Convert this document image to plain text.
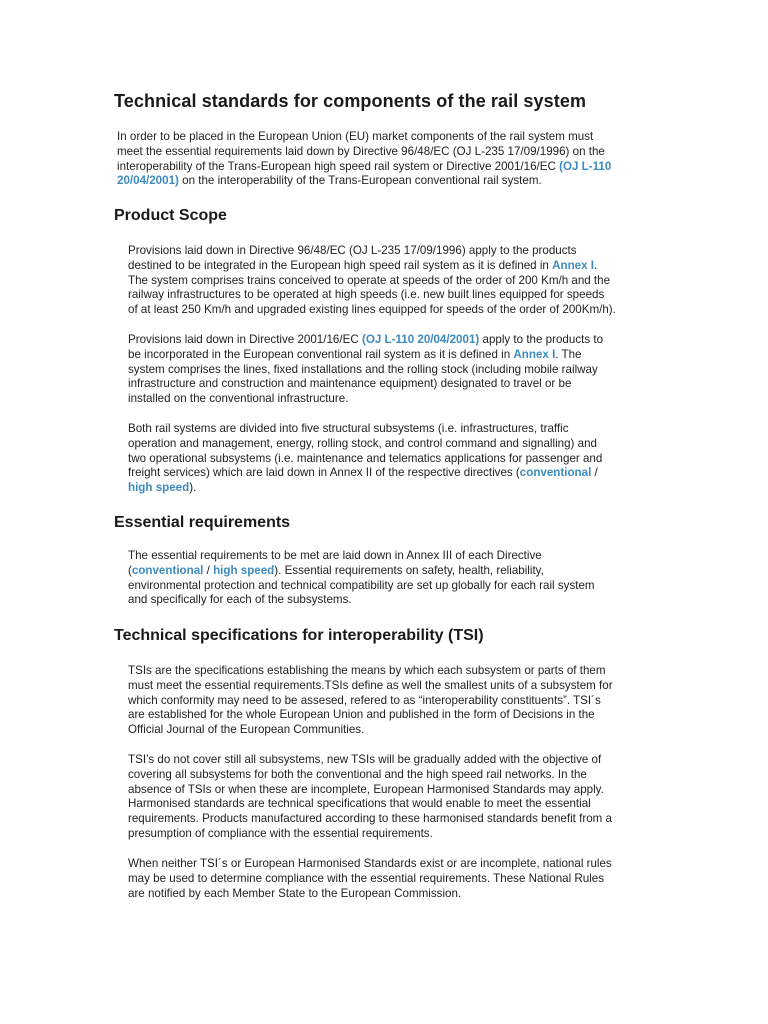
Technical standards for components of the rail system

In order to be placed in the European Union (EU) market components of the rail system must
meet the essential requirements laid down by Directive 96/48/EC (OJ L-235 17/09/1996) on the
interoperability of the Trans-European high speed rail system or Directive 2001/16/EC (OJ L-110
20/04/2001) on the interoperability of the Trans-European conventional rail system.

Product Scope

Provisions laid down in Directive 96/48/EC (OJ L-235 17/09/1996) apply to the products
destined to be integrated in the European high speed rail system as it is defined in Annex I.
The system comprises trains conceived to operate at speeds of the order of 200 Km/h and the
railway infrastructures to be operated at high speeds (i.e. new built lines equipped for speeds
of at least 250 Km/h and upgraded existing lines equipped for speeds of the order of 200Km/h).

Provisions laid down in Directive 2001/16/EC (OJ L-110 20/04/2001) apply to the products to
be incorporated in the European conventional rail system as it is defined in Annex I. The
system comprises the lines, fixed installations and the rolling stock (including mobile railway
infrastructure and construction and maintenance equipment) designated to travel or be
installed on the conventional infrastructure.

Both rail systems are divided into five structural subsystems (i.e. infrastructures, traffic
operation and management, energy, rolling stock, and control command and signalling) and
two operational subsystems (i.e. maintenance and telematics applications for passenger and
freight services) which are laid down in Annex II of the respective directives (conventional /
high speed).

Essential requirements

The essential requirements to be met are laid down in Annex III of each Directive
(conventional / high speed). Essential requirements on safety, health, reliability,
environmental protection and technical compatibility are set up globally for each rail system
and specifically for each of the subsystems.

Technical specifications for interoperability (TSI)

TSIs are the specifications establishing the means by which each subsystem or parts of them
must meet the essential requirements.TSIs define as well the smallest units of a subsystem for
which conformity may need to be assesed, refered to as “interoperability constituents”. TSI´s
are established for the whole European Union and published in the form of Decisions in the
Official Journal of the European Communities.

TSI’s do not cover still all subsystems, new TSIs will be gradually added with the objective of
covering all subsystems for both the conventional and the high speed rail networks. In the
absence of TSIs or when these are incomplete, European Harmonised Standards may apply.
Harmonised standards are technical specifications that would enable to meet the essential
requirements. Products manufactured according to these harmonised standards benefit from a
presumption of compliance with the essential requirements.

When neither TSI´s or European Harmonised Standards exist or are incomplete, national rules
may be used to determine compliance with the essential requirements. These National Rules
are notified by each Member State to the European Commission.
